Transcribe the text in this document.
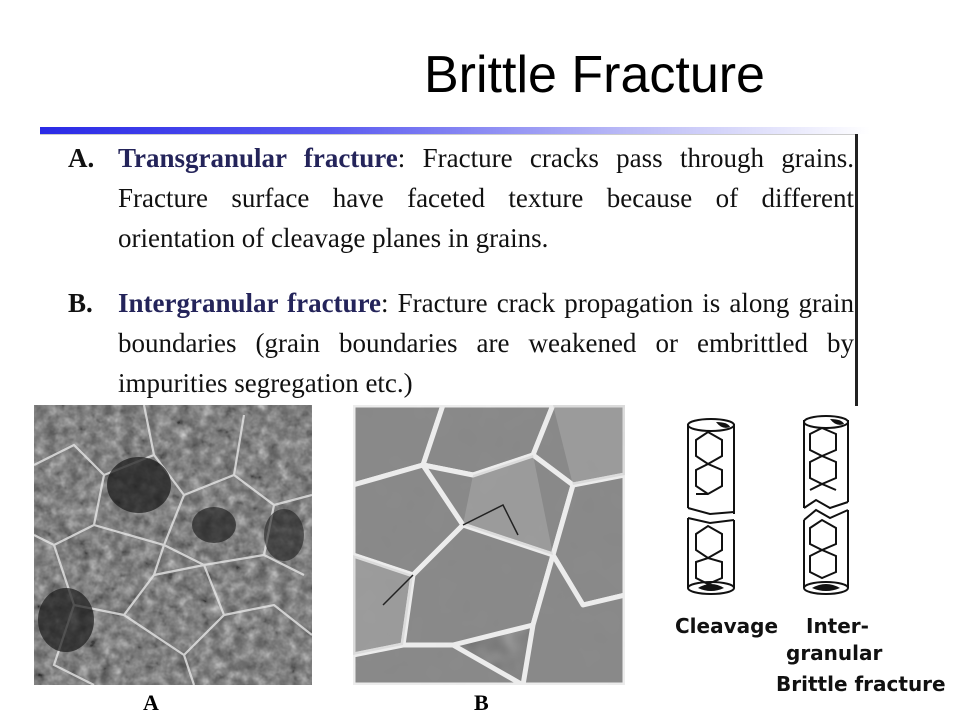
Brittle Fracture
A. Transgranular fracture: Fracture cracks pass through grains. Fracture surface have faceted texture because of different orientation of cleavage planes in grains.
B. Intergranular fracture: Fracture crack propagation is along grain boundaries (grain boundaries are weakened or embrittled by impurities segregation etc.)
A	B
Cleavage Inter-
granular
Brittle fracture
